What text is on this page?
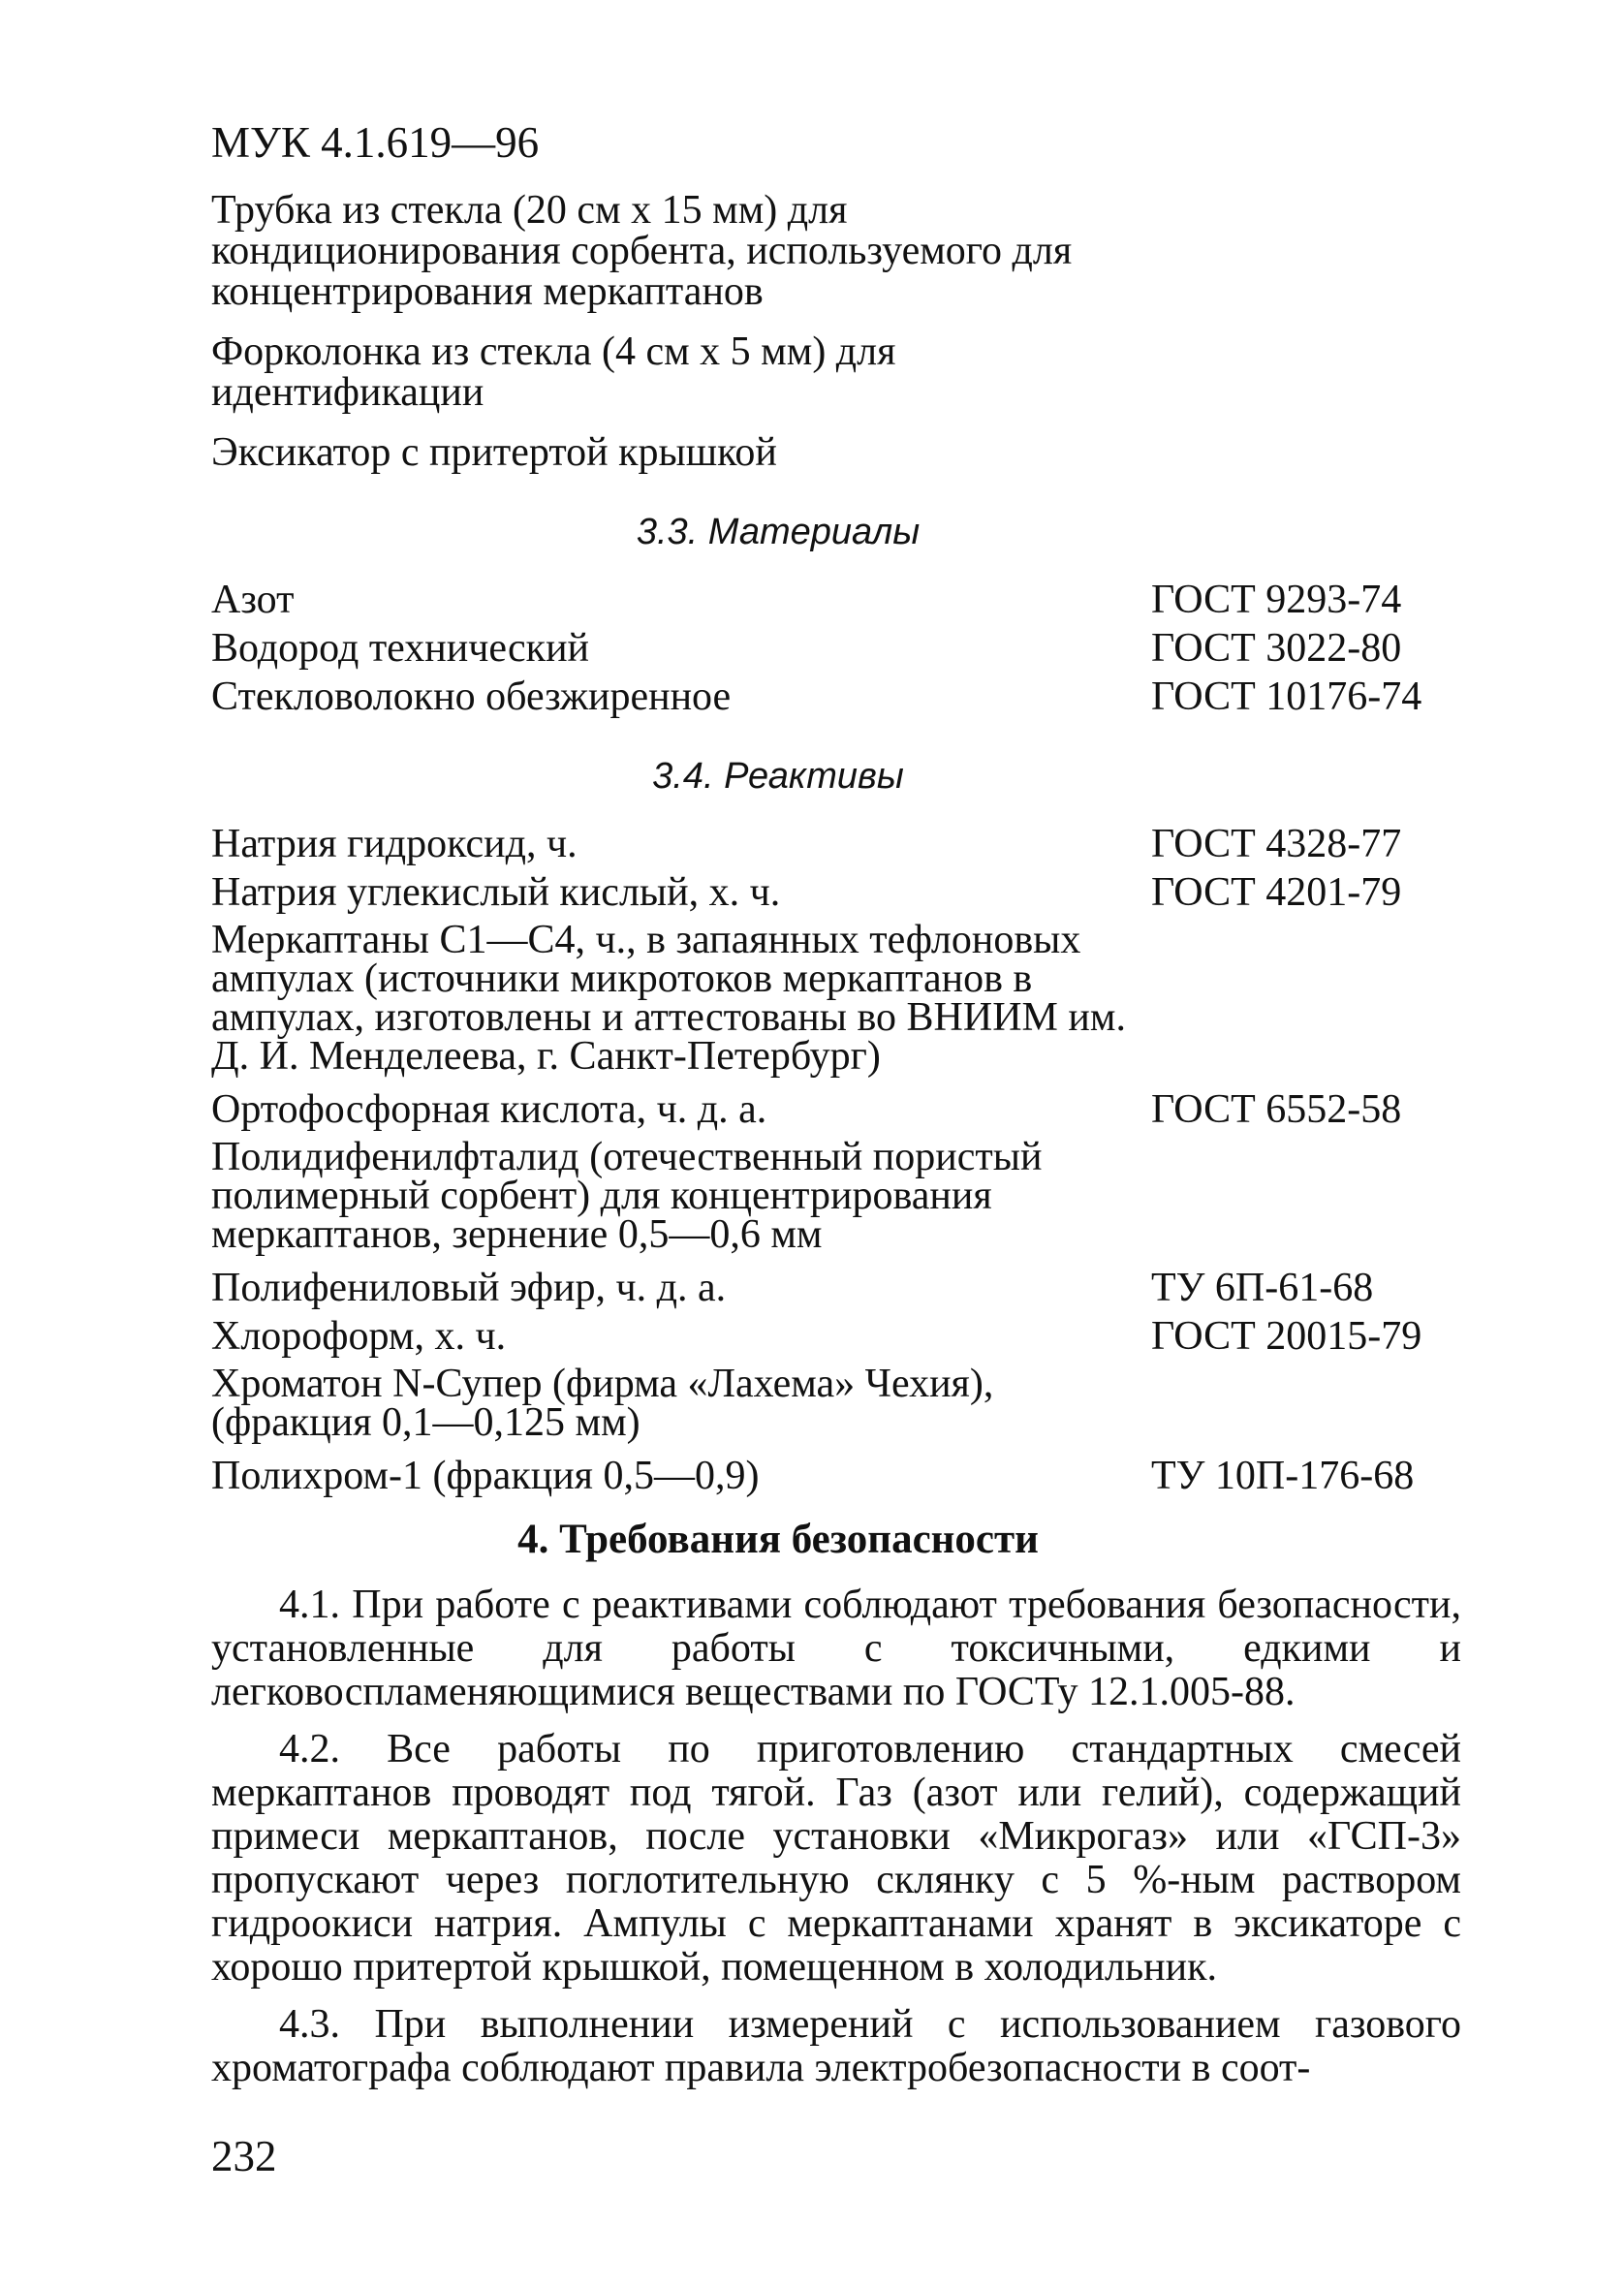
МУК 4.1.619—96
Трубка из стекла (20 см x 15 мм) для кондиционирования сорбента, используемого для концентрирования меркаптанов
Форколонка из стекла (4 см x 5 мм) для идентификации
Эксикатор с притертой крышкой
3.3. Материалы
Азот	ГОСТ 9293-74
Водород технический	ГОСТ 3022-80
Стекловолокно обезжиренное	ГОСТ 10176-74
3.4. Реактивы
Натрия гидроксид, ч.	ГОСТ 4328-77
Натрия углекислый кислый, х. ч.	ГОСТ 4201-79
Меркаптаны С1—С4, ч., в запаянных тефлоновых ампулах (источники микротоков меркаптанов в ампулах, изготовлены и аттестованы во ВНИИМ им. Д. И. Менделеева, г. Санкт-Петербург)
Ортофосфорная кислота, ч. д. а.	ГОСТ 6552-58
Полидифенилфталид (отечественный пористый полимерный сорбент) для концентрирования меркаптанов, зернение 0,5—0,6 мм
Полифениловый эфир, ч. д. а.	ТУ 6П-61-68
Хлороформ, х. ч.	ГОСТ 20015-79
Хроматон N-Супер (фирма «Лахема» Чехия), (фракция 0,1—0,125 мм)
Полихром-1 (фракция 0,5—0,9)	ТУ 10П-176-68
4. Требования безопасности

4.1. При работе с реактивами соблюдают требования безопасности, установленные для работы с токсичными, едкими и легковоспламеняющимися веществами по ГОСТу 12.1.005-88.

4.2. Все работы по приготовлению стандартных смесей меркаптанов проводят под тягой. Газ (азот или гелий), содержащий примеси меркаптанов, после установки «Микрогаз» или «ГСП-3» пропускают через поглотительную склянку с 5 %-ным раствором гидроокиси натрия. Ампулы с меркаптанами хранят в эксикаторе с хорошо притертой крышкой, помещенном в холодильник.

4.3. При выполнении измерений с использованием газового хроматографа соблюдают правила электробезопасности в соот-

232
